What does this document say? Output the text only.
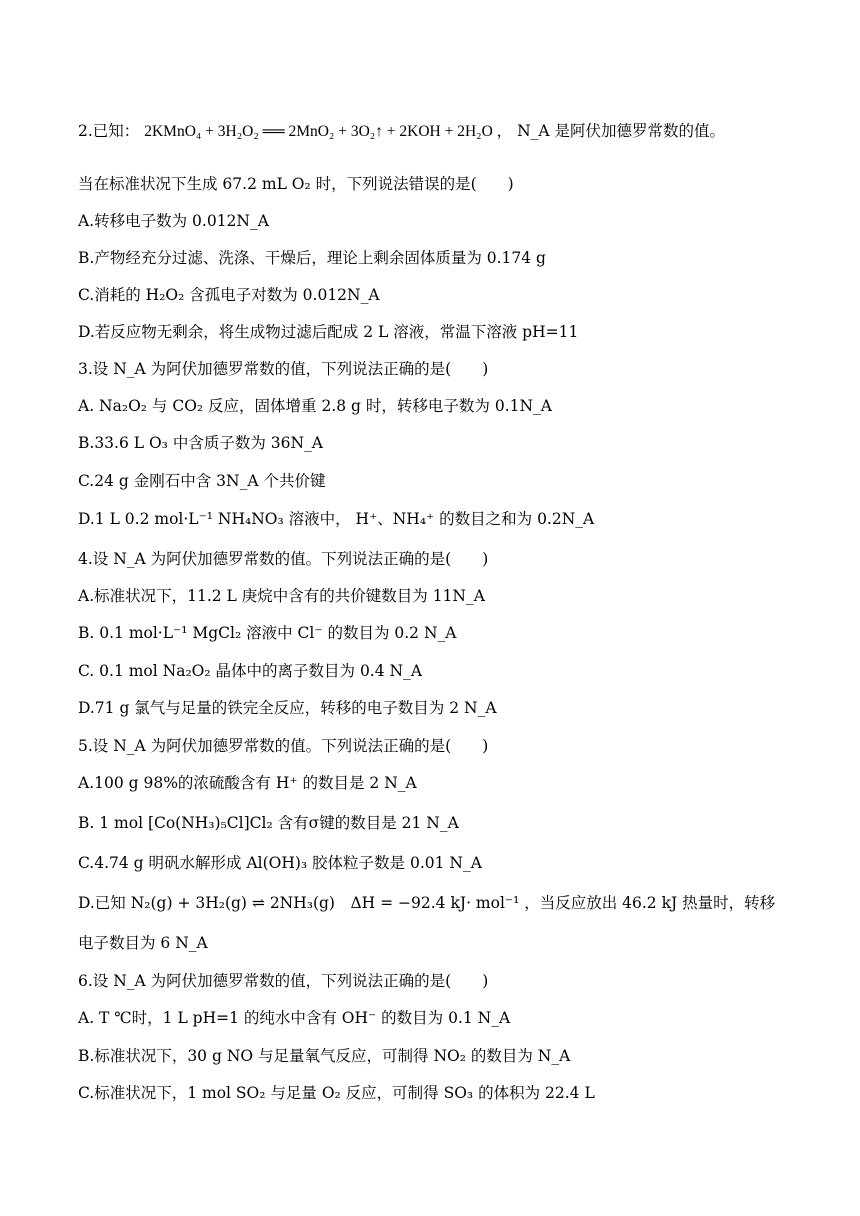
2.已知： 2KMnO₄ + 3H₂O₂ ══ 2MnO₂ + 3O₂↑ + 2KOH + 2H₂O ， N_A 是阿伏加德罗常数的值。
当在标准状况下生成 67.2 mL O₂ 时，下列说法错误的是(　　)
A.转移电子数为 0.012N_A
B.产物经充分过滤、洗涤、干燥后，理论上剩余固体质量为 0.174 g
C.消耗的 H₂O₂ 含孤电子对数为 0.012N_A
D.若反应物无剩余，将生成物过滤后配成 2 L 溶液，常温下溶液 pH=11
3.设 N_A 为阿伏加德罗常数的值，下列说法正确的是(　　)
A. Na₂O₂ 与 CO₂ 反应，固体增重 2.8 g 时，转移电子数为 0.1N_A
B.33.6 L O₃ 中含质子数为 36N_A
C.24 g 金刚石中含 3N_A 个共价键
D.1 L 0.2 mol·L⁻¹ NH₄NO₃ 溶液中， H⁺、NH₄⁺ 的数目之和为 0.2N_A
4.设 N_A 为阿伏加德罗常数的值。下列说法正确的是(　　)
A.标准状况下，11.2 L 庚烷中含有的共价键数目为 11N_A
B. 0.1 mol·L⁻¹ MgCl₂ 溶液中 Cl⁻ 的数目为 0.2 N_A
C. 0.1 mol Na₂O₂ 晶体中的离子数目为 0.4 N_A
D.71 g 氯气与足量的铁完全反应，转移的电子数目为 2 N_A
5.设 N_A 为阿伏加德罗常数的值。下列说法正确的是(　　)
A.100 g 98%的浓硫酸含有 H⁺ 的数目是 2 N_A
B. 1 mol [Co(NH₃)₅Cl]Cl₂ 含有σ键的数目是 21 N_A
C.4.74 g 明矾水解形成 Al(OH)₃ 胶体粒子数是 0.01 N_A
D.已知 N₂(g) + 3H₂(g) ⇌ 2NH₃(g)　ΔH = −92.4 kJ· mol⁻¹ ，当反应放出 46.2 kJ 热量时，转移
电子数目为 6 N_A
6.设 N_A 为阿伏加德罗常数的值，下列说法正确的是(　　)
A. T ℃时，1 L pH=1 的纯水中含有 OH⁻ 的数目为 0.1 N_A
B.标准状况下，30 g NO 与足量氧气反应，可制得 NO₂ 的数目为 N_A
C.标准状况下，1 mol SO₂ 与足量 O₂ 反应，可制得 SO₃ 的体积为 22.4 L
